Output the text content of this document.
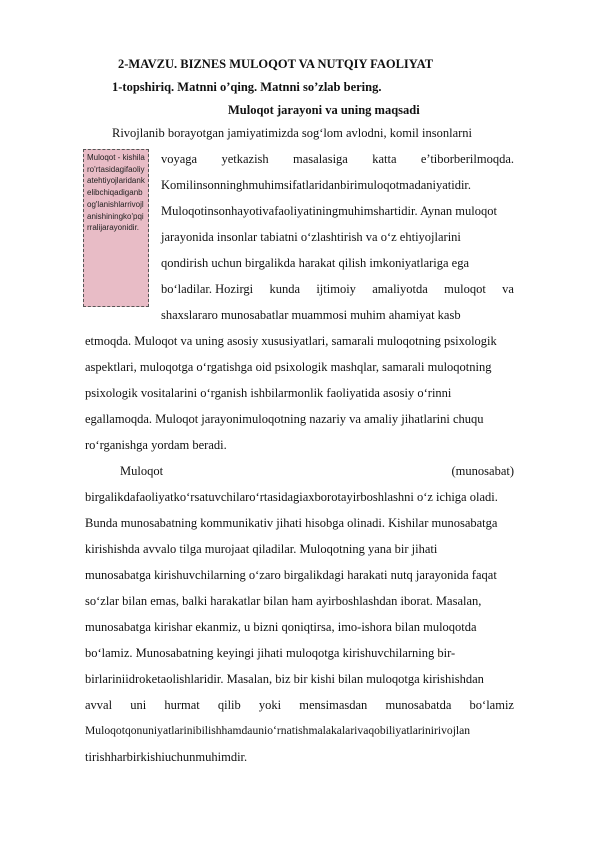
2-MAVZU. BIZNES MULOQOT VA NUTQIY FAOLIYAT
1-topshiriq. Matnni o’qing. Matnni so’zlab bering.
Muloqot jarayoni va uning maqsadi
Rivojlanib borayotgan jamiyatimizda sog‘lom avlodni, komil insonlarni
Muloqot - kishilaro'rtasidagifaoliyatehtiyojlaridankelibchiqadiganbog'lanishlarrivojlanishiningko'pqirralijarayonidir.
voyaga yetkazish masalasiga katta e’tiborberilmoqda.
Komilinsonninghmuhimsifatlaridanbirimuloqotmadaniyatidir.
Muloqotinsonhayotivafaoliyatiningmuhimshartidir. Aynan muloqot
jarayonida insonlar tabiatni o‘zlashtirish va o‘z ehtiyojlarini
qondirish uchun birgalikda harakat qilish imkoniyatlariga ega
bo‘ladilar. Hozirgi kunda ijtimoiy amaliyotda muloqot va
shaxslararo munosabatlar muammosi muhim ahamiyat kasb
etmoqda. Muloqot va uning asosiy xususiyatlari, samarali muloqotning psixologik
aspektlari, muloqotga o‘rgatishga oid psixologik mashqlar, samarali muloqotning
psixologik vositalarini o‘rganish ishbilarmonlik faoliyatida asosiy o‘rinni
egallamoqda. Muloqot jarayonimuloqotning nazariy va amaliy jihatlarini chuqu
ro‘rganishga yordam beradi.
Muloqot	(munosabat)
birgalikdafaoliyatko‘rsatuvchilaro‘rtasidagiaxborotayirboshlashni o‘z ichiga oladi.
Bunda munosabatning kommunikativ jihati hisobga olinadi. Kishilar munosabatga
kirishishda avvalo tilga murojaat qiladilar. Muloqotning yana bir jihati
munosabatga kirishuvchilarning o‘zaro birgalikdagi harakati nutq jarayonida faqat
so‘zlar bilan emas, balki harakatlar bilan ham ayirboshlashdan iborat. Masalan,
munosabatga kirishar ekanmiz, u bizni qoniqtirsa, imo-ishora bilan muloqotda
bo‘lamiz. Munosabatning keyingi jihati muloqotga kirishuvchilarning bir-
birlariniidroketaolishlaridir. Masalan, biz bir kishi bilan muloqotga kirishishdan
avval uni hurmat qilib yoki mensimasdan munosabatda bo‘lamiz
Muloqotqonuniyatlarinibilishhamdaunio‘rnatishmalakalarivaqobiliyatlarinirivojlan
tirishharbirkishiuchunmuhimdir.
